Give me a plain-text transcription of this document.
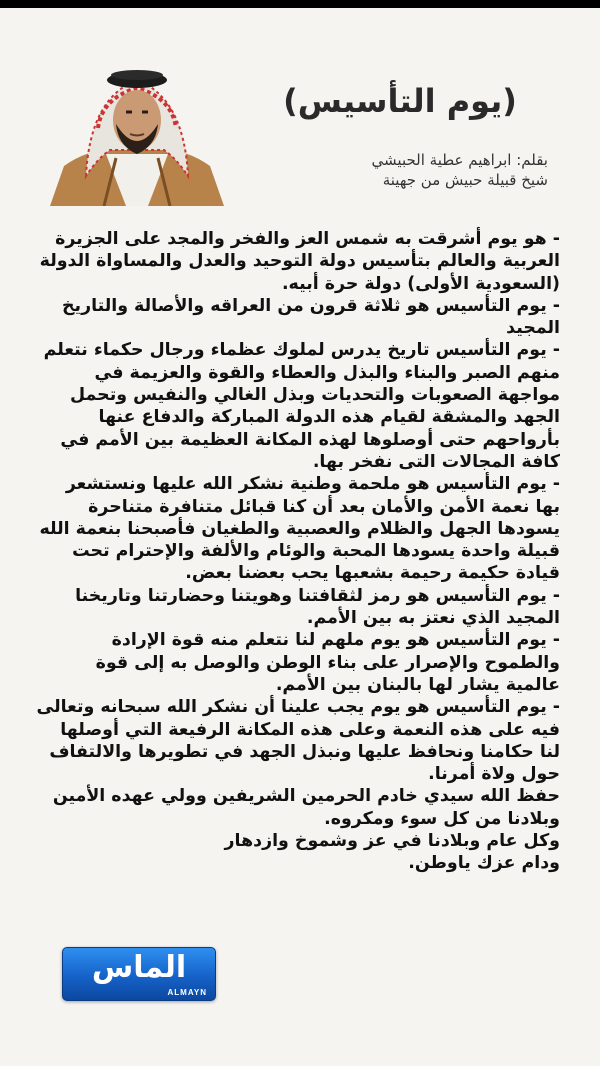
(يوم التأسيس)
بقلم: ابراهيم عطية الحبيشي
شيخ قبيلة حبيش من جهينة

- هو يوم أشرقت به شمس العز والفخر والمجد على الجزيرة العربية والعالم بتأسيس دولة التوحيد والعدل والمساواة الدولة (السعودية الأولى) دولة حرة أبيه.

- يوم التأسيس هو ثلاثة قرون من العراقه والأصالة والتاريخ المجيد

- يوم التأسيس تاريخ يدرس لملوك عظماء ورجال حكماء نتعلم منهم الصبر والبناء والبذل والعطاء والقوة والعزيمة في مواجهة الصعوبات والتحديات وبذل الغالي والنفيس وتحمل الجهد والمشقة لقيام هذه الدولة المباركة والدفاع عنها بأرواحهم حتى أوصلوها لهذه المكانة العظيمة بين الأمم في كافة المجالات التى نفخر بها.

- يوم التأسيس هو ملحمة وطنية نشكر الله عليها ونستشعر بها نعمة الأمن والأمان بعد أن كنا قبائل متنافرة متناحرة يسودها الجهل والظلام والعصبية والطغيان فأصبحنا بنعمة الله قبيلة واحدة يسودها المحبة والوئام والألفة والإحترام تحت قيادة حكيمة رحيمة بشعبها يحب بعضنا بعض.

- يوم التأسيس هو رمز لثقافتنا وهويتنا وحضارتنا وتاريخنا المجيد الذي نعتز به بين الأمم.

- يوم التأسيس هو يوم ملهم لنا نتعلم منه قوة الإرادة والطموح والإصرار على بناء الوطن والوصل به إلى قوة عالمية يشار لها بالبنان بين الأمم.

- يوم التأسيس هو يوم يجب علينا أن نشكر الله سبحانه وتعالى فيه على هذه النعمة وعلى هذه المكانة الرفيعة التي أوصلها لنا حكامنا ونحافظ عليها ونبذل الجهد في تطويرها والالتفاف حول ولاة أمرنا.

حفظ الله سيدي خادم الحرمين الشريفين وولي عهده الأمين وبلادنا من كل سوء ومكروه.

وكل عام وبلادنا في عز وشموخ وازدهار

ودام عزك ياوطن.

الماس
ALMAYN
